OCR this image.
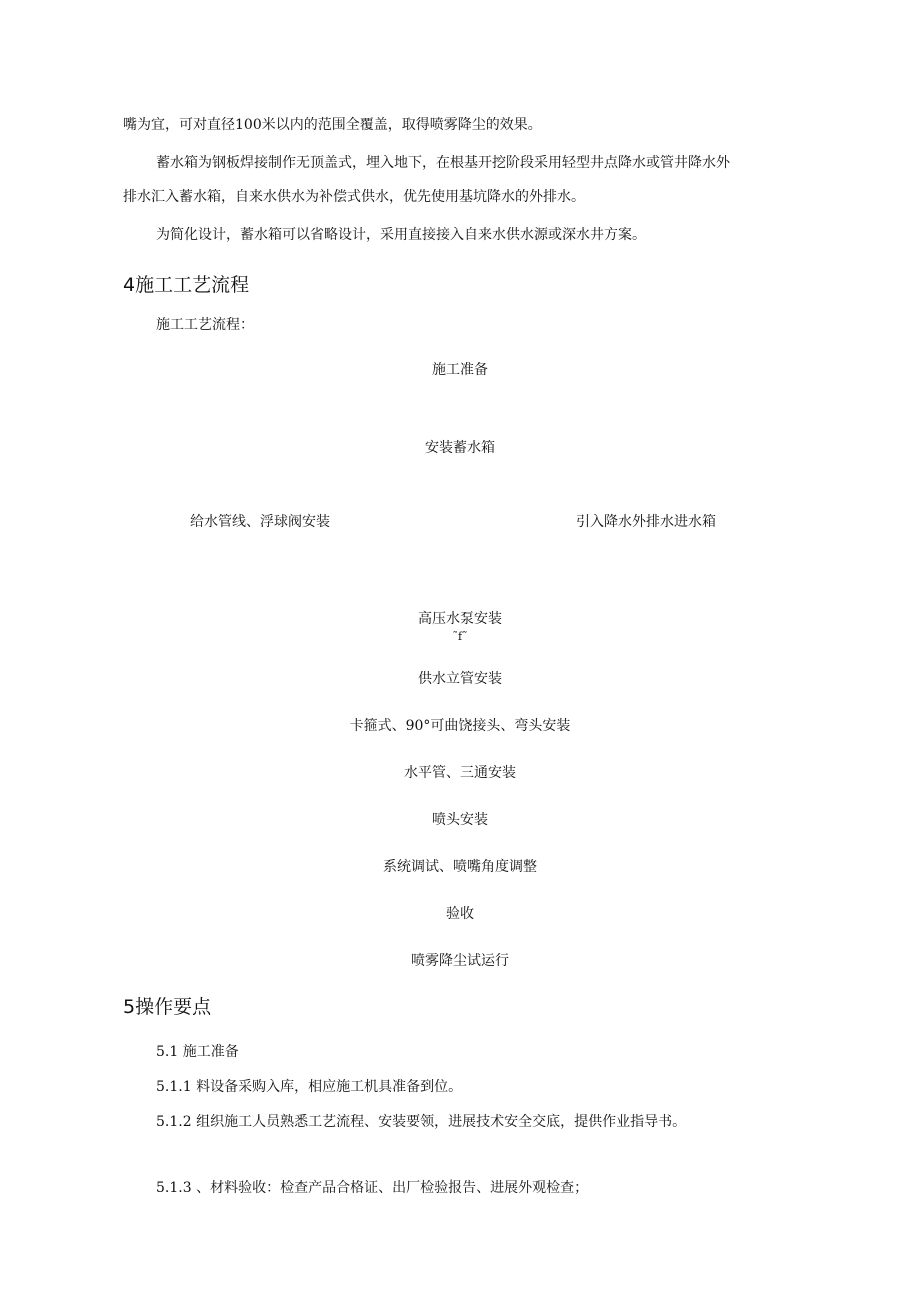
嘴为宜，可对直径100米以内的范围全覆盖，取得喷雾降尘的效果。
蓄水箱为钢板焊接制作无顶盖式，埋入地下，在根基开挖阶段采用轻型井点降水或管井降水外
排水汇入蓄水箱，自来水供水为补偿式供水，优先使用基坑降水的外排水。
为简化设计，蓄水箱可以省略设计，采用直接接入自来水供水源或深水井方案。
4施工工艺流程
施工工艺流程：
施工准备
安装蓄水箱
给水管线、浮球阀安装	引入降水外排水进水箱
高压水泵安装
˜f˜
供水立管安装
卡箍式、90°可曲饶接头、弯头安装
水平管、三通安装
喷头安装
系统调试、喷嘴角度调整
验收
喷雾降尘试运行
5操作要点
5.1 施工准备
5.1.1 料设备采购入库，相应施工机具准备到位。
5.1.2 组织施工人员熟悉工艺流程、安装要领，进展技术安全交底，提供作业指导书。
5.1.3 、材料验收：检查产品合格证、出厂检验报告、进展外观检查；
